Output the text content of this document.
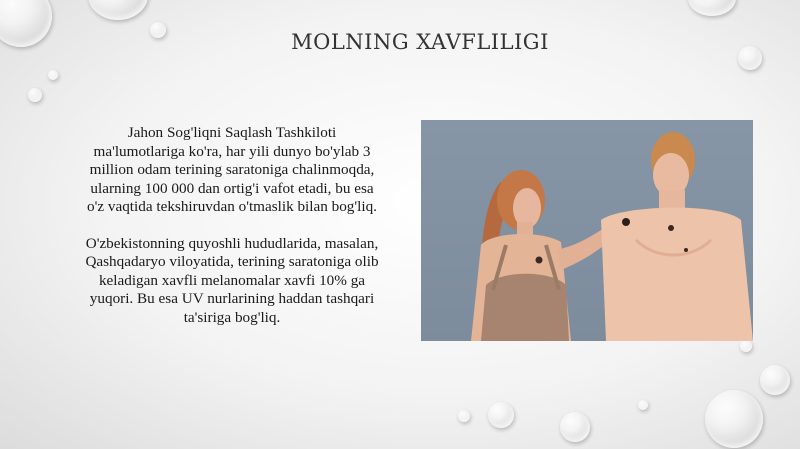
MOLNING XAVFLILIGI

Jahon Sog'liqni Saqlash Tashkiloti

ma'lumotlariga ko'ra, har yili dunyo bo'ylab 3

million odam terining saratoniga chalinmoqda,

ularning 100 000 dan ortig'i vafot etadi, bu esa

o'z vaqtida tekshiruvdan o'tmaslik bilan bog'liq.

O'zbekistonning quyoshli hududlarida, masalan,

Qashqadaryo viloyatida, terining saratoniga olib

keladigan xavfli melanomalar xavfi 10% ga

yuqori. Bu esa UV nurlarining haddan tashqari

ta'siriga bog'liq.
